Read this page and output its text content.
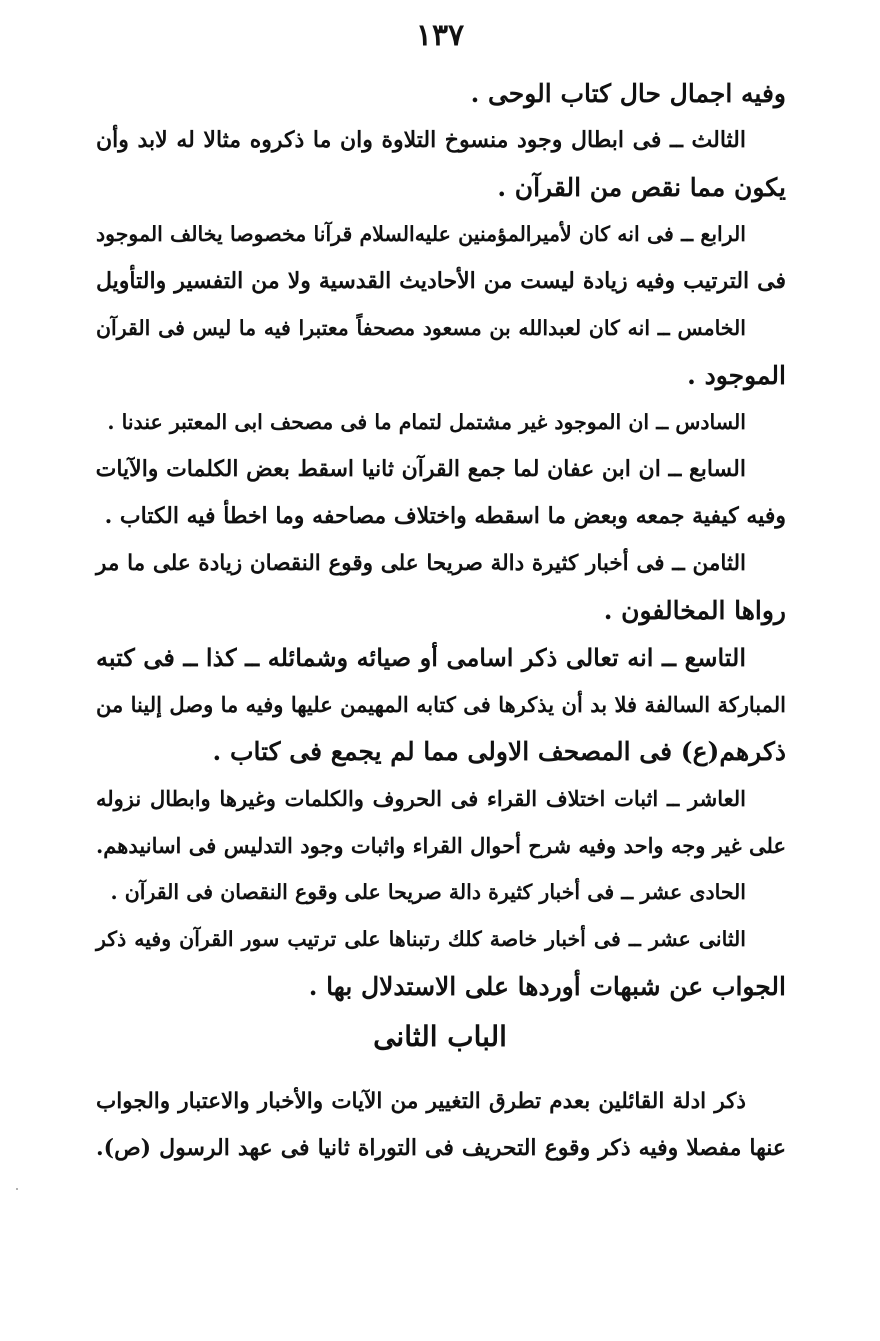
١٣٧
وفيه اجمال حال كتاب الوحى .
الثالث ــ فى ابطال وجود منسوخ التلاوة وان ما ذكروه مثالا له لابد وأن
يكون مما نقص من القرآن .
الرابع ــ فى انه كان لأميرالمؤمنين عليه‌السلام قرآنا مخصوصا يخالف الموجود
فى الترتيب وفيه زيادة ليست من الأحاديث القدسية ولا من التفسير والتأويل
الخامس ــ انه كان لعبدالله بن مسعود مصحفاً معتبرا فيه ما ليس فى القرآن
الموجود .
السادس ــ ان الموجود غير مشتمل لتمام ما فى مصحف ابى المعتبر عندنا .
السابع ــ ان ابن عفان لما جمع القرآن ثانيا اسقط بعض الكلمات والآيات
وفيه كيفية جمعه وبعض ما اسقطه واختلاف مصاحفه وما اخطأ فيه الكتاب .
الثامن ــ فى أخبار كثيرة دالة صريحا على وقوع النقصان زيادة على ما مر
رواها المخالفون .
التاسع ــ انه تعالى ذكر اسامى أو صيائه وشمائله ــ كذا ــ فى كتبه
المباركة السالفة فلا بد أن يذكرها فى كتابه المهيمن عليها وفيه ما وصل إلينا من
ذكرهم(ع) فى المصحف الاولى مما لم يجمع فى كتاب .
العاشر ــ اثبات اختلاف القراء فى الحروف والكلمات وغيرها وابطال نزوله
على غير وجه واحد وفيه شرح أحوال القراء واثبات وجود التدليس فى اسانيدهم.
الحادى عشر ــ فى أخبار كثيرة دالة صريحا على وقوع النقصان فى القرآن .
الثانى عشر ــ فى أخبار خاصة كلك رتبناها على ترتيب سور القرآن وفيه ذكر
الجواب عن شبهات أوردها على الاستدلال بها .
الباب الثانى
ذكر ادلة القائلين بعدم تطرق التغيير من الآيات والأخبار والاعتبار والجواب
عنها مفصلا وفيه ذكر وقوع التحريف فى التوراة ثانيا فى عهد الرسول (ص).
